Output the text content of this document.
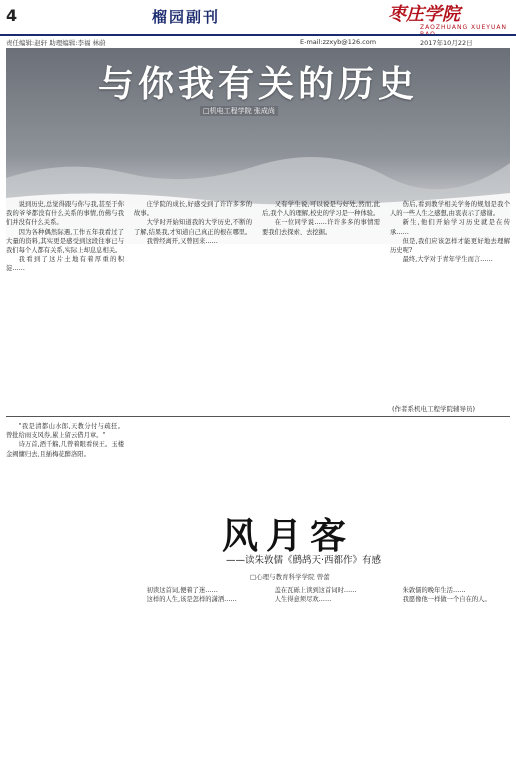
4	榴园副刊	枣庄学院
ZAOZHUANG XUEYUAN BAO
责任编辑:赵轩 助理编辑:李福 林蔚	E-mail:zzxyb@126.com	2017年10月22日
与你我有关的历史
□机电工程学院 张成尚

说到历史,总觉得跟与你与我,甚至于你我的爷爷都没有什么关系的事情,仿佛与我们并没有什么关系。

因为各种偶然际遇,工作五年我看过了大量的资料,其实更是感受到这段往事已与我们每个人都有关系,实际上却息息相关。

我看到了这片土地有着厚重的积淀……

庄学院的成长,好感受到了许许多多的故事。

大学时开始知道我的大学历史,不断的了解,结果我,才知道自己真正的根在哪里。

我曾经离开,又曾回来……

又有学生说,可以说是与好处,然而,此后,我个人的理解,校史的学习是一种体验。

在一位同学说……许许多多的事情需要我们去探索、去挖掘。

伤后,看到教学相关学务的规划是我个人的一些人生之感想,由衷表示了感谢。

新生,他们开始学习历史就是在传承……

但是,我们应该怎样才能更好地去理解历史呢?

最终,大学对于青年学生而言……

(作者系机电工程学院辅导员)

"我是清都山水郎,天教分付与疏狂。曾批给雨支风券,累上留云借月章。"

诗万首,酒千觞,几曾着眼看侯王。玉楼金阙慵归去,且插梅花醉洛阳。

风月客
——读朱敦儒《鹧鸪天·西都作》有感
□心理与教育科学学院 曾蕾

初读这首词,便着了迷……

这样的人生,该是怎样的潇洒……

盖在瓦砾上读到这首词时……

人生得意须尽欢……

朱敦儒的晚年生活……

我愿像他一样做一个自在的人。
